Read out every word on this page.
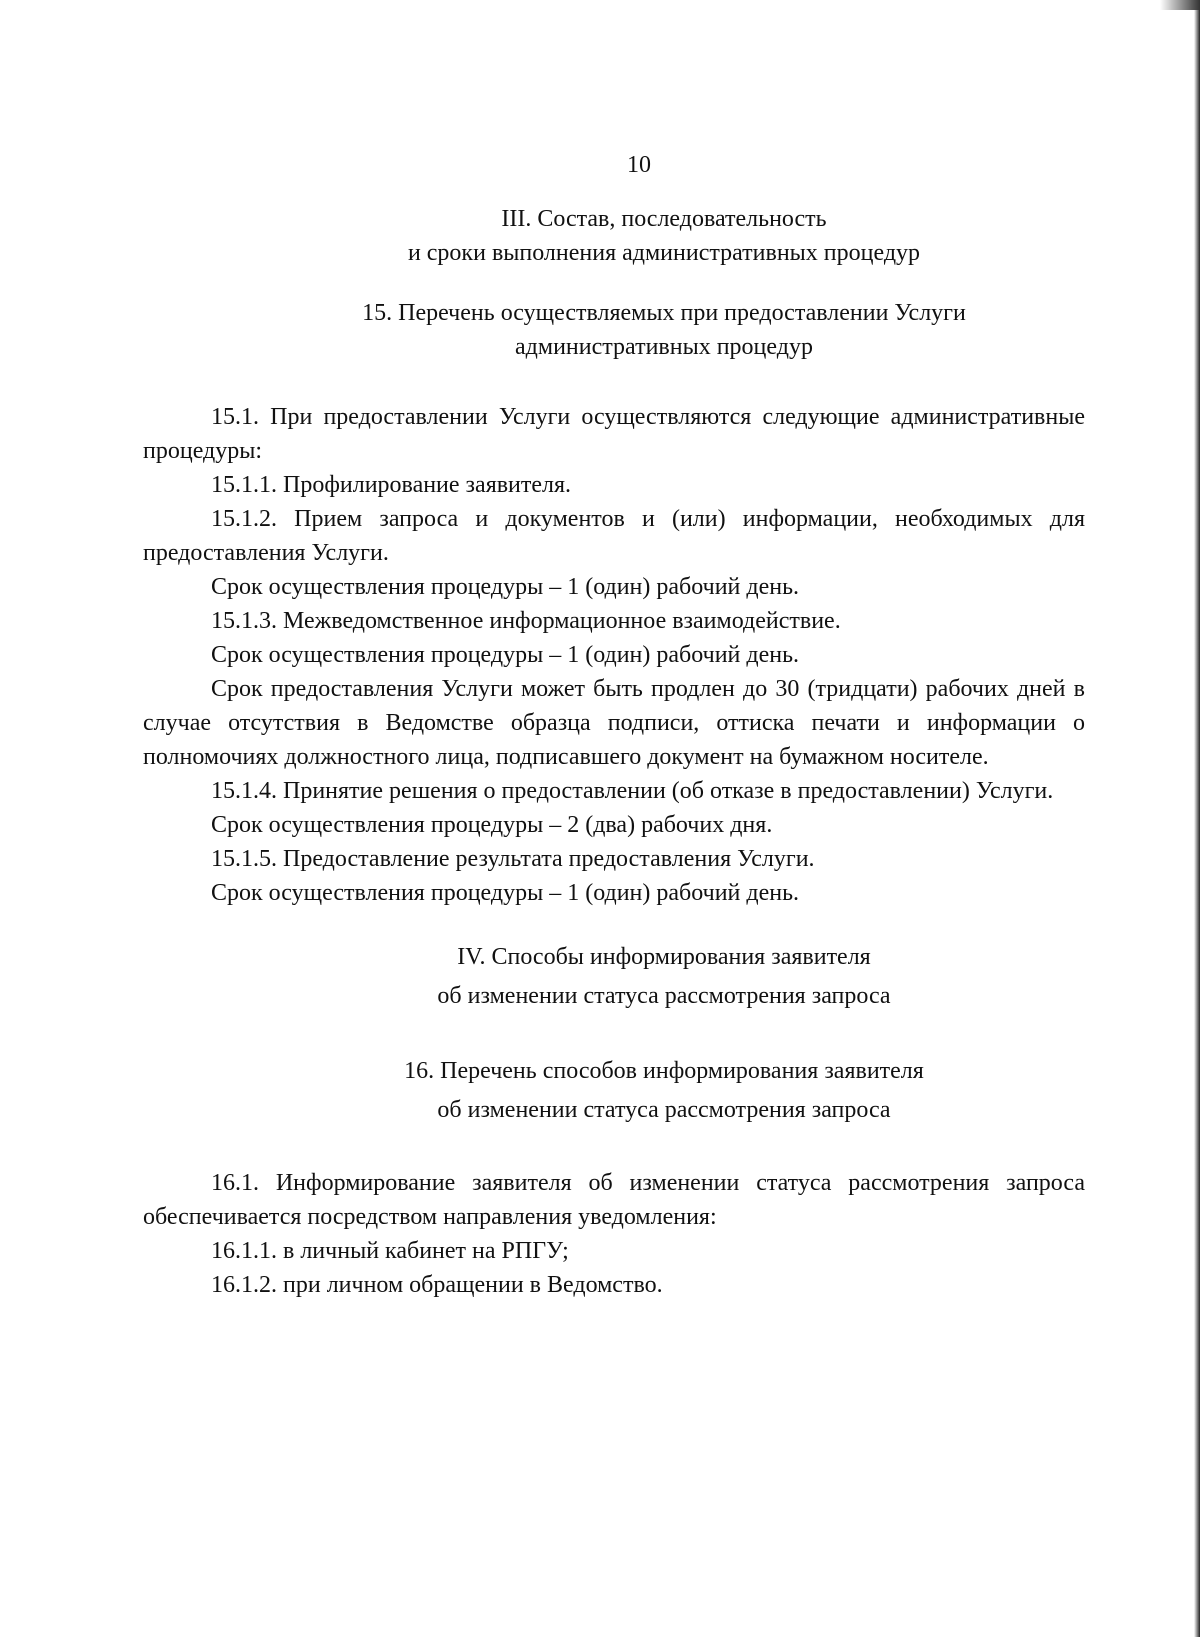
10

III. Состав, последовательность

и сроки выполнения административных процедур

15. Перечень осуществляемых при предоставлении Услуги

административных процедур

15.1. При предоставлении Услуги осуществляются следующие административные процедуры:

15.1.1. Профилирование заявителя.

15.1.2. Прием запроса и документов и (или) информации, необходимых для предоставления Услуги.

Срок осуществления процедуры – 1 (один) рабочий день.

15.1.3. Межведомственное информационное взаимодействие.

Срок осуществления процедуры – 1 (один) рабочий день.

Срок предоставления Услуги может быть продлен до 30 (тридцати) рабочих дней в случае отсутствия в Ведомстве образца подписи, оттиска печати и информации о полномочиях должностного лица, подписавшего документ на бумажном носителе.

15.1.4. Принятие решения о предоставлении (об отказе в предоставлении) Услуги.

Срок осуществления процедуры – 2 (два) рабочих дня.

15.1.5. Предоставление результата предоставления Услуги.

Срок осуществления процедуры – 1 (один) рабочий день.

IV. Способы информирования заявителя

об изменении статуса рассмотрения запроса

16. Перечень способов информирования заявителя

об изменении статуса рассмотрения запроса

16.1. Информирование заявителя об изменении статуса рассмотрения запроса обеспечивается посредством направления уведомления:

16.1.1. в личный кабинет на РПГУ;

16.1.2. при личном обращении в Ведомство.
